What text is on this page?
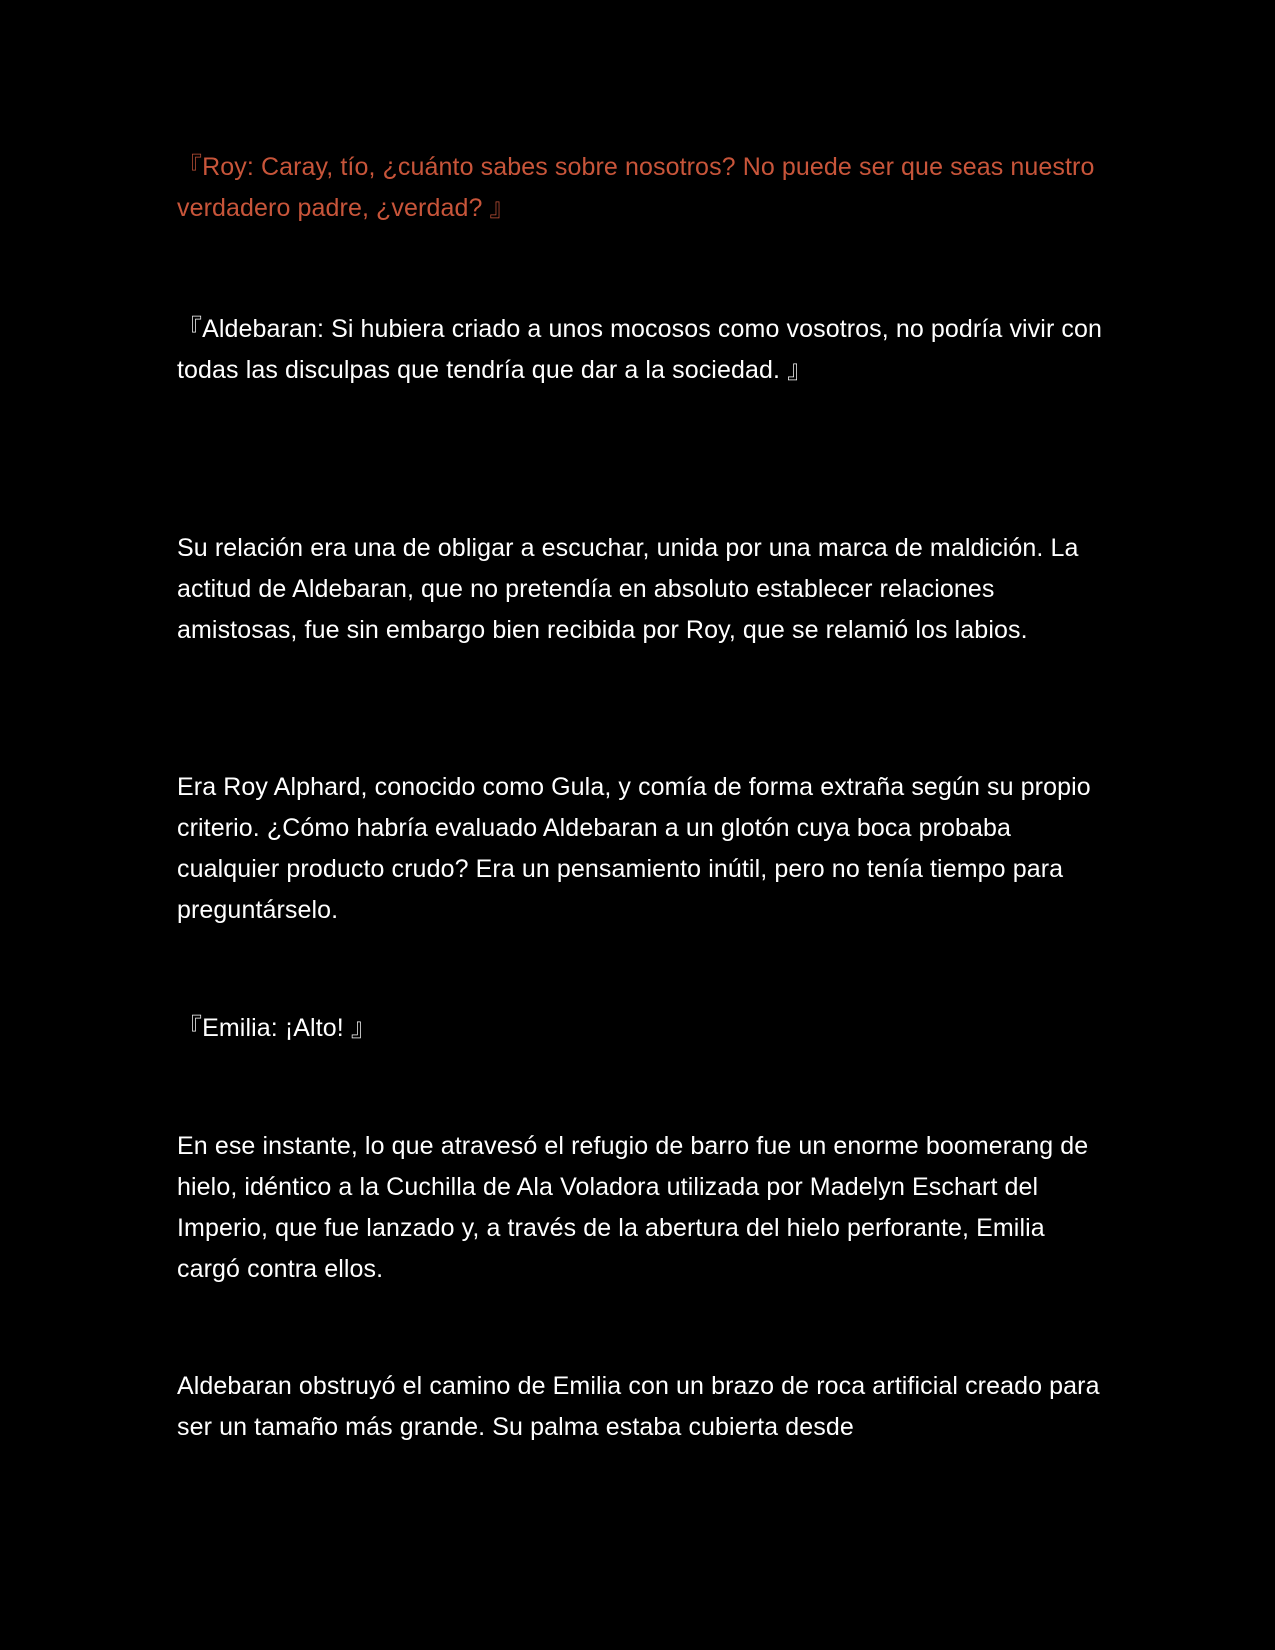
『Roy: Caray, tío, ¿cuánto sabes sobre nosotros? No puede ser que seas nuestro verdadero padre, ¿verdad? 』

『Aldebaran: Si hubiera criado a unos mocosos como vosotros, no podría vivir con todas las disculpas que tendría que dar a la sociedad. 』

Su relación era una de obligar a escuchar, unida por una marca de maldición. La actitud de Aldebaran, que no pretendía en absoluto establecer relaciones amistosas, fue sin embargo bien recibida por Roy, que se relamió los labios.

Era Roy Alphard, conocido como Gula, y comía de forma extraña según su propio criterio. ¿Cómo habría evaluado Aldebaran a un glotón cuya boca probaba cualquier producto crudo? Era un pensamiento inútil, pero no tenía tiempo para preguntárselo.

『Emilia: ¡Alto! 』

En ese instante, lo que atravesó el refugio de barro fue un enorme boomerang de hielo, idéntico a la Cuchilla de Ala Voladora utilizada por Madelyn Eschart del Imperio, que fue lanzado y, a través de la abertura del hielo perforante, Emilia cargó contra ellos.

Aldebaran obstruyó el camino de Emilia con un brazo de roca artificial creado para ser un tamaño más grande. Su palma estaba cubierta desde
